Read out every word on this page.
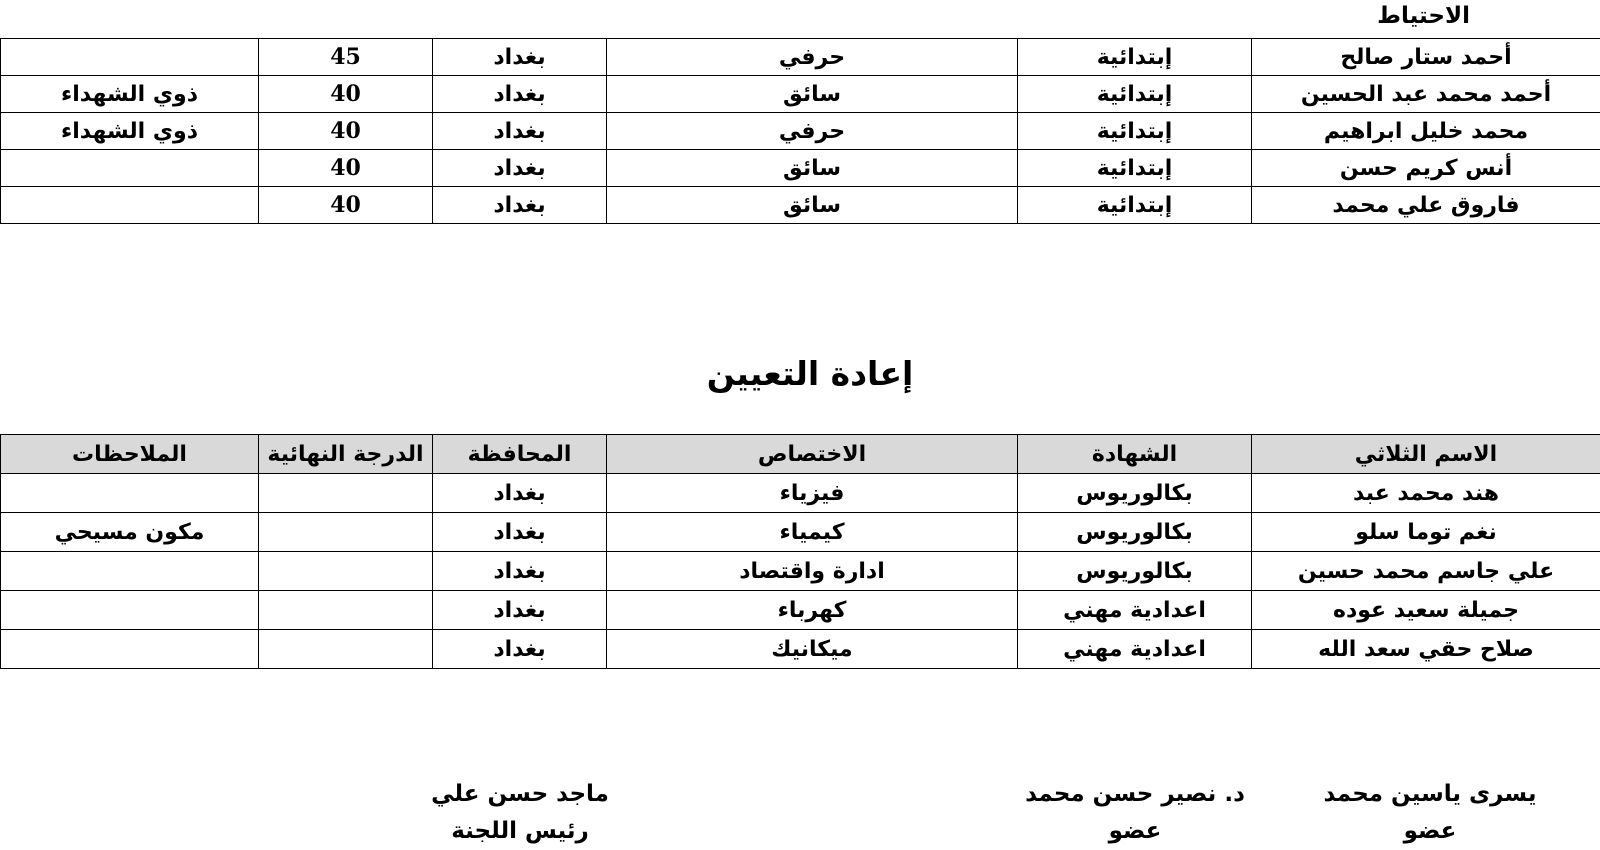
الاحتياط
أحمد ستار صالح	إبتدائية	حرفي	بغداد	45	
أحمد محمد عبد الحسين	إبتدائية	سائق	بغداد	40	ذوي الشهداء
محمد خليل ابراهيم	إبتدائية	حرفي	بغداد	40	ذوي الشهداء
أنس كريم حسن	إبتدائية	سائق	بغداد	40	
فاروق علي محمد	إبتدائية	سائق	بغداد	40	
إعادة التعيين
الاسم الثلاثي	الشهادة	الاختصاص	المحافظة	الدرجة النهائية	الملاحظات
هند محمد عبد	بكالوريوس	فيزياء	بغداد		
نغم توما سلو	بكالوريوس	كيمياء	بغداد		مكون مسيحي
علي جاسم محمد حسين	بكالوريوس	ادارة واقتصاد	بغداد		
جميلة سعيد عوده	اعدادية مهني	كهرباء	بغداد		
صلاح حقي سعد الله	اعدادية مهني	ميكانيك	بغداد		
يسرى ياسين محمد
عضو
د. نصير حسن محمد
عضو
ماجد حسن علي
رئيس اللجنة
